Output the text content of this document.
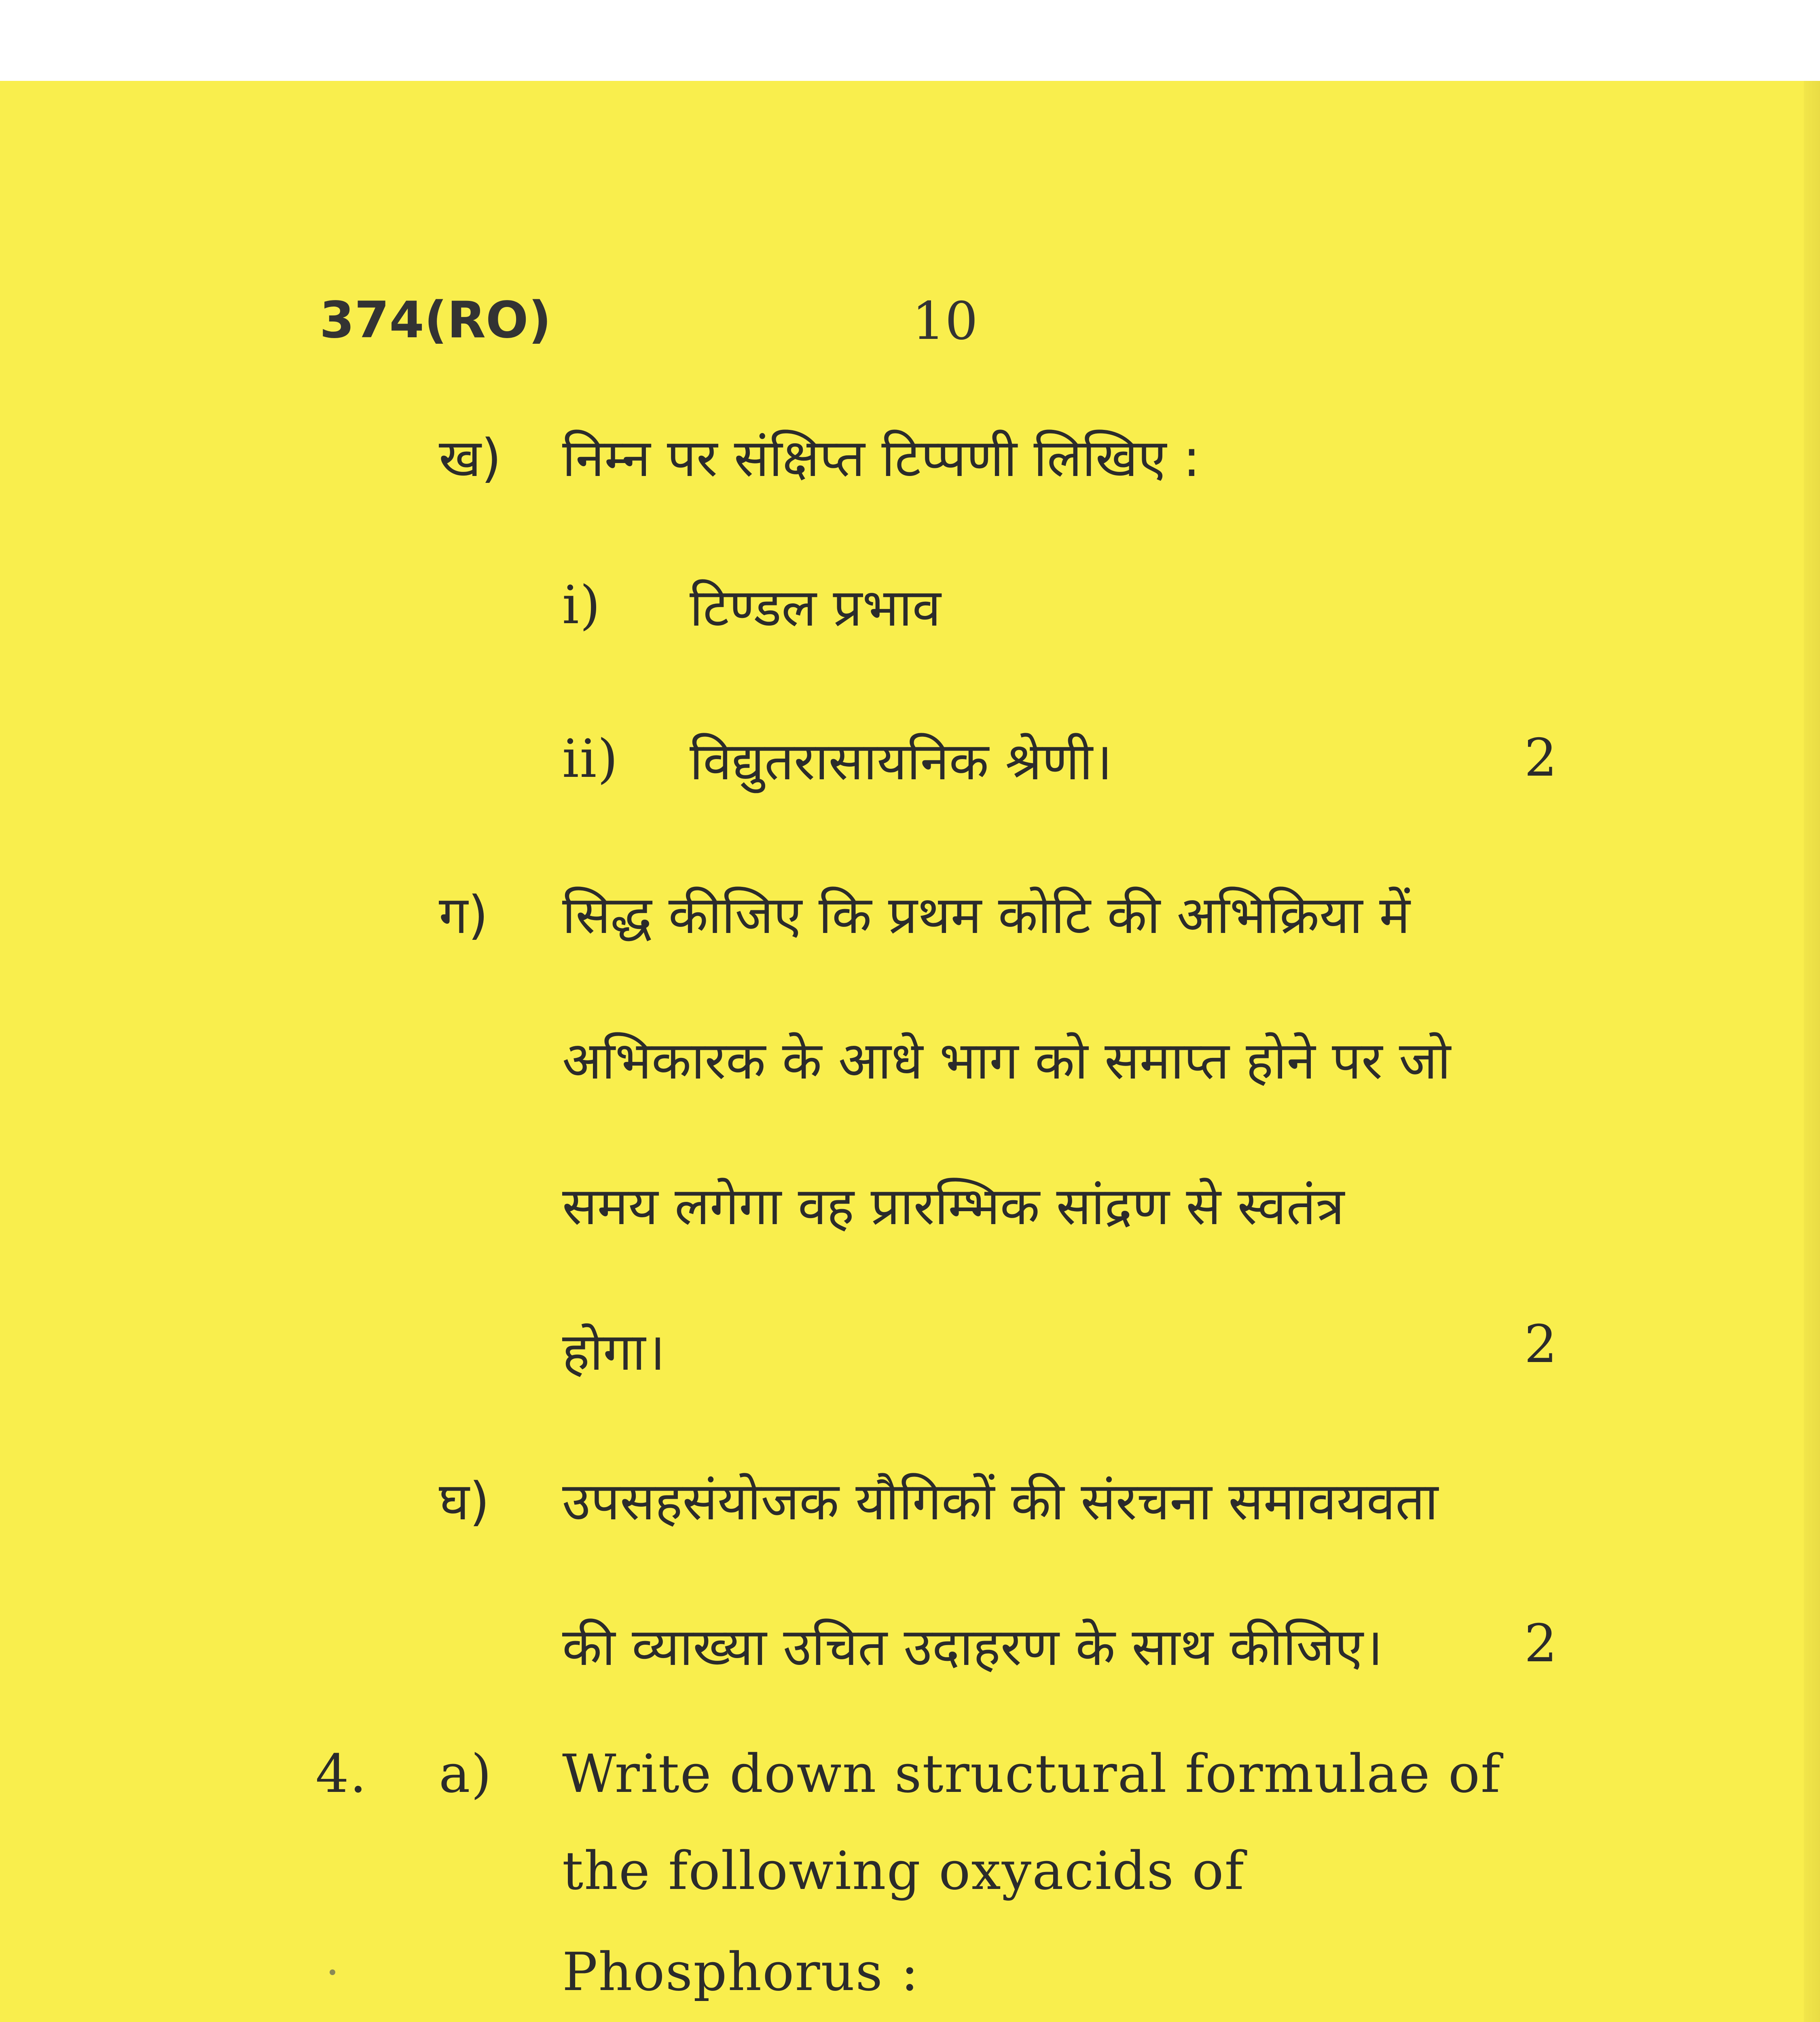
374(RO)	10
ख) निम्न पर संक्षिप्त टिप्पणी लिखिए :
i) टिण्डल प्रभाव
ii) विद्युतरासायनिक श्रेणी।	2
ग) सिद्ध कीजिए कि प्रथम कोटि की अभिक्रिया में
अभिकारक के आधे भाग को समाप्त होने पर जो
समय लगेगा वह प्रारम्भिक सांद्रण से स्वतंत्र
होगा।	2
घ) उपसहसंयोजक यौगिकों की संरचना समावयवता
की व्याख्या उचित उदाहरण के साथ कीजिए।	2
4. a) Write down structural formulae of
the following oxyacids of
Phosphorus :
